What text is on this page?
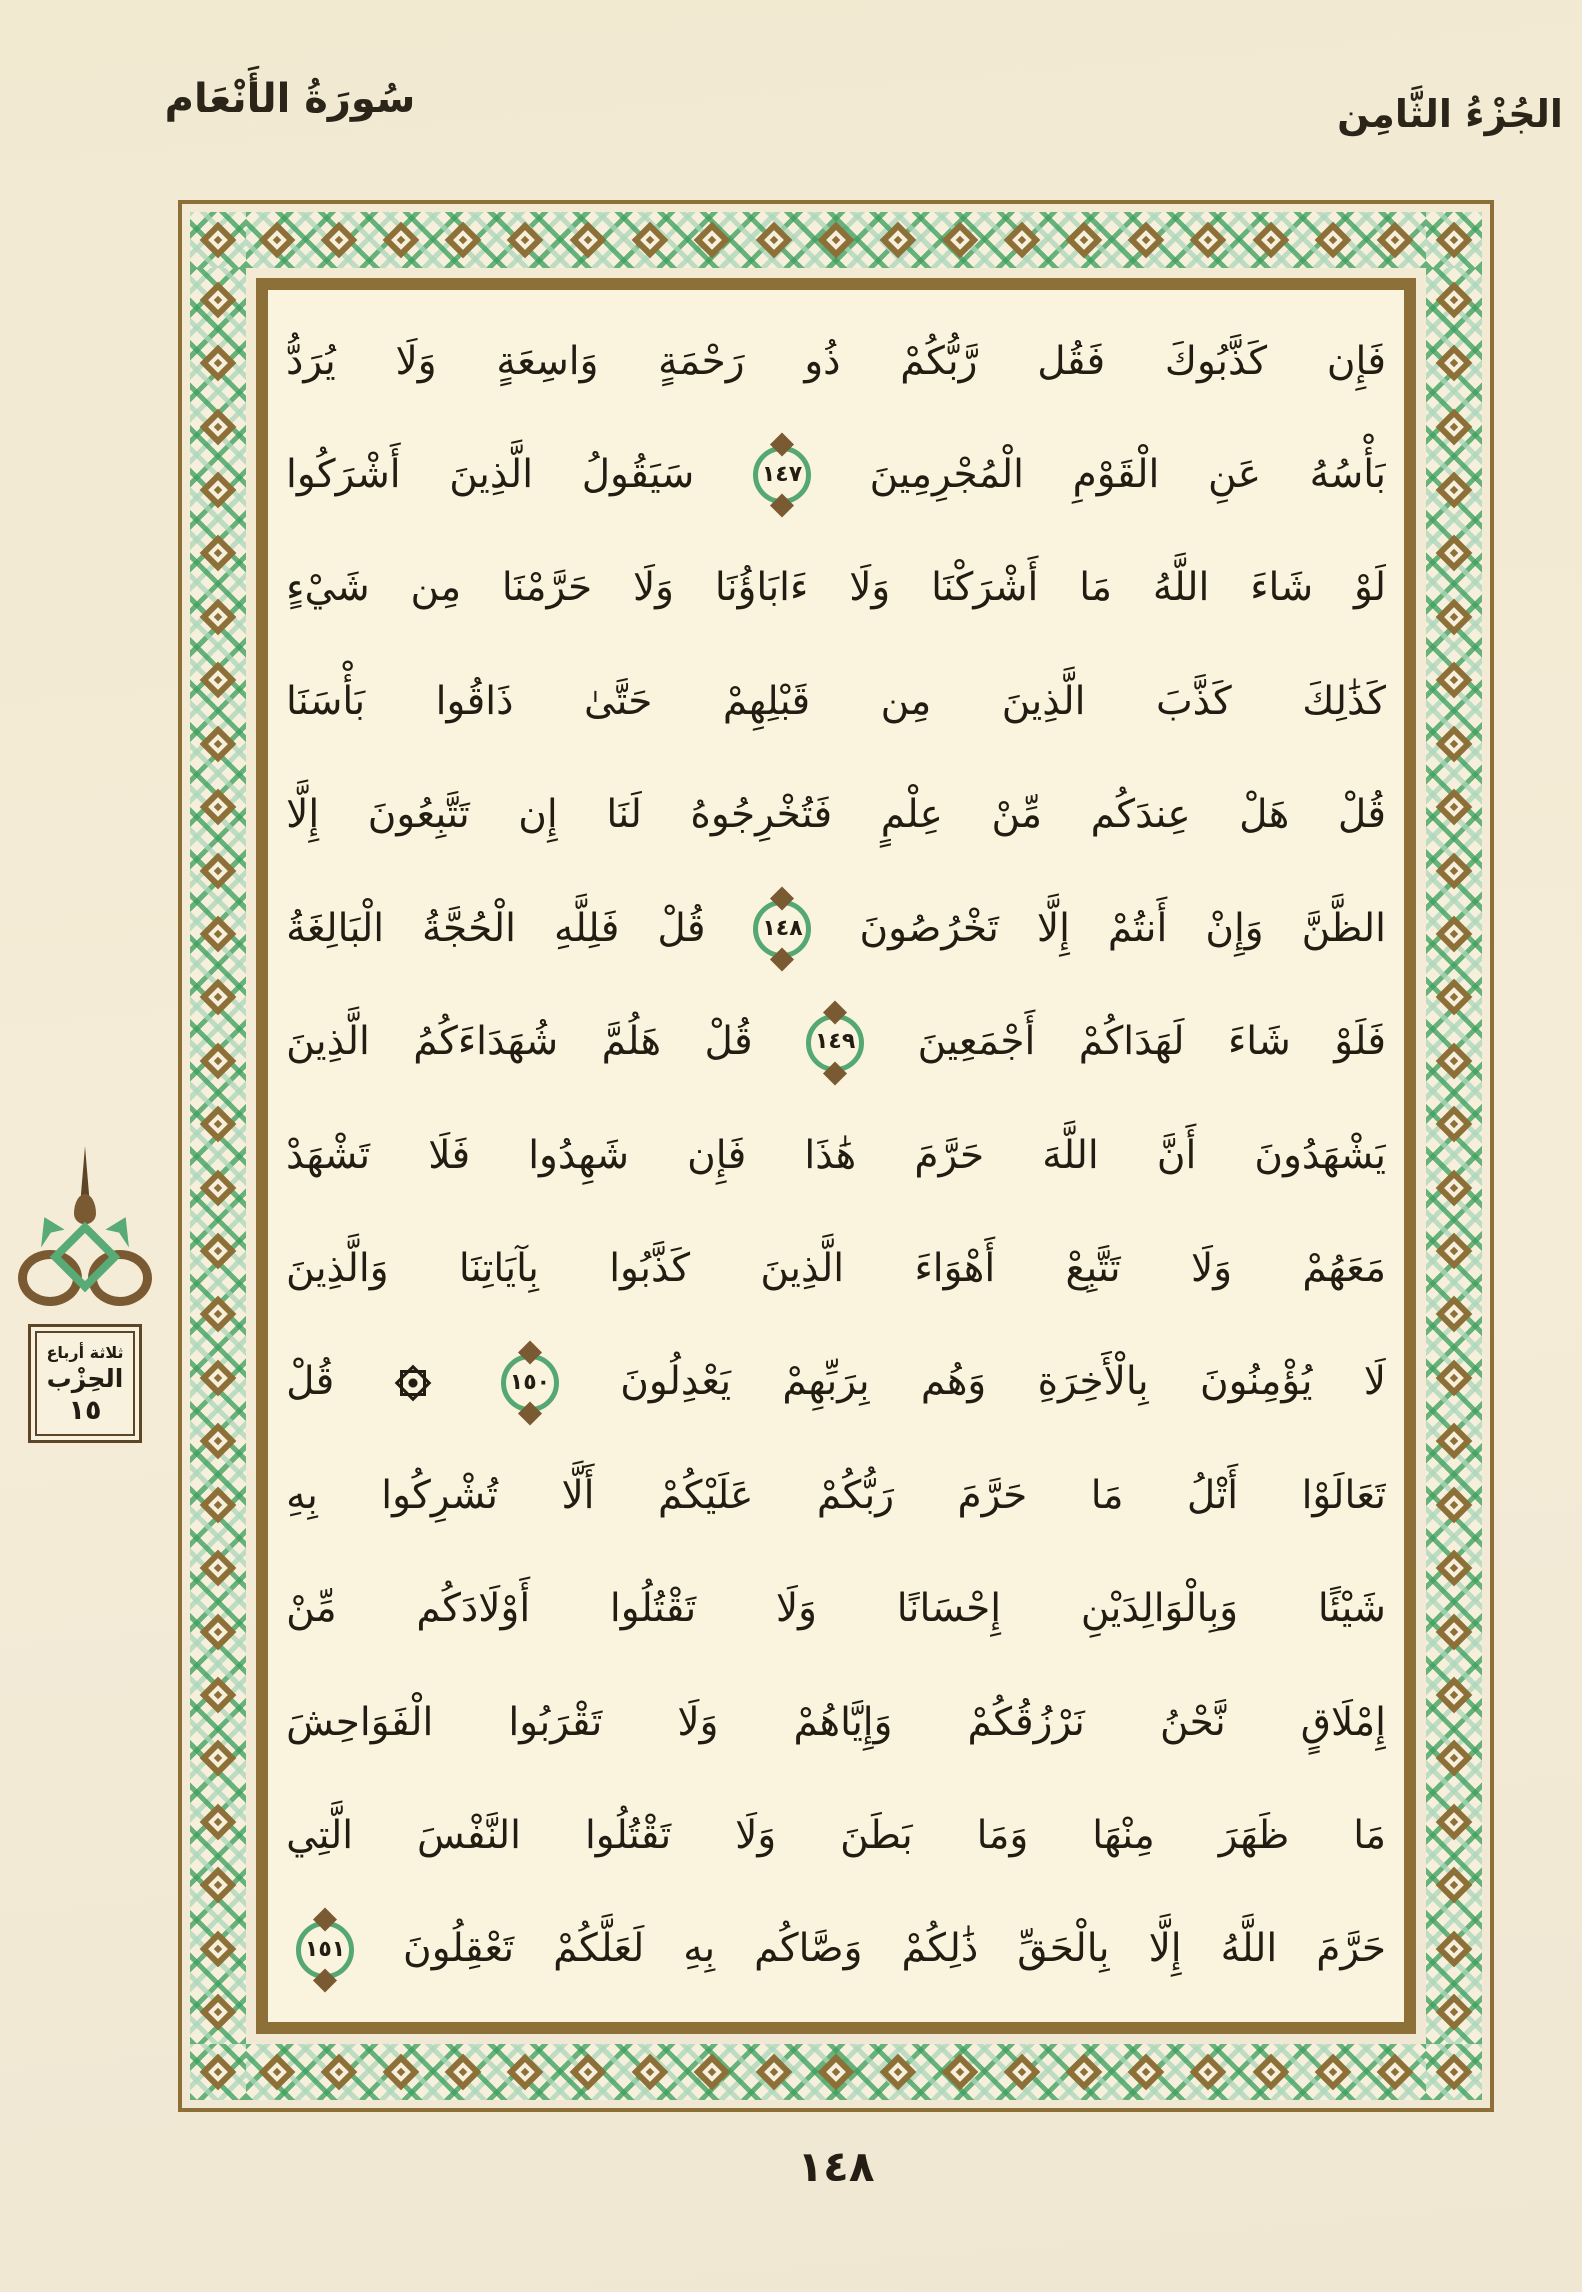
سُورَةُ الأَنْعَام	الجُزْءُ الثَّامِن
فَإِن
كَذَّبُوكَ
فَقُل
رَّبُّكُمْ
ذُو
رَحْمَةٍ
وَاسِعَةٍ
وَلَا
يُرَدُّ
بَأْسُهُ
عَنِ
الْقَوْمِ
الْمُجْرِمِينَ
١٤٧
سَيَقُولُ
الَّذِينَ
أَشْرَكُوا
لَوْ
شَاءَ
اللَّهُ
مَا
أَشْرَكْنَا
وَلَا
ءَابَاؤُنَا
وَلَا
حَرَّمْنَا
مِن
شَيْءٍ
كَذَٰلِكَ
كَذَّبَ
الَّذِينَ
مِن
قَبْلِهِمْ
حَتَّىٰ
ذَاقُوا
بَأْسَنَا
قُلْ
هَلْ
عِندَكُم
مِّنْ
عِلْمٍ
فَتُخْرِجُوهُ
لَنَا
إِن
تَتَّبِعُونَ
إِلَّا
الظَّنَّ
وَإِنْ
أَنتُمْ
إِلَّا
تَخْرُصُونَ
١٤٨
قُلْ
فَلِلَّهِ
الْحُجَّةُ
الْبَالِغَةُ
فَلَوْ
شَاءَ
لَهَدَاكُمْ
أَجْمَعِينَ
١٤٩
قُلْ
هَلُمَّ
شُهَدَاءَكُمُ
الَّذِينَ
يَشْهَدُونَ
أَنَّ
اللَّهَ
حَرَّمَ
هَٰذَا
فَإِن
شَهِدُوا
فَلَا
تَشْهَدْ
مَعَهُمْ
وَلَا
تَتَّبِعْ
أَهْوَاءَ
الَّذِينَ
كَذَّبُوا
بِآيَاتِنَا
وَالَّذِينَ
لَا
يُؤْمِنُونَ
بِالْأَخِرَةِ
وَهُم
بِرَبِّهِمْ
يَعْدِلُونَ
١٥٠
قُلْ
تَعَالَوْا
أَتْلُ
مَا
حَرَّمَ
رَبُّكُمْ
عَلَيْكُمْ
أَلَّا
تُشْرِكُوا
بِهِ
شَيْئًا
وَبِالْوَالِدَيْنِ
إِحْسَانًا
وَلَا
تَقْتُلُوا
أَوْلَادَكُم
مِّنْ
إِمْلَاقٍ
نَّحْنُ
نَرْزُقُكُمْ
وَإِيَّاهُمْ
وَلَا
تَقْرَبُوا
الْفَوَاحِشَ
مَا
ظَهَرَ
مِنْهَا
وَمَا
بَطَنَ
وَلَا
تَقْتُلُوا
النَّفْسَ
الَّتِي
حَرَّمَ
اللَّهُ
إِلَّا
بِالْحَقِّ
ذَٰلِكُمْ
وَصَّاكُم
بِهِ
لَعَلَّكُمْ
تَعْقِلُونَ
١٥١
ثلاثة أرباع
الحِزْب
١٥
١٤٨
